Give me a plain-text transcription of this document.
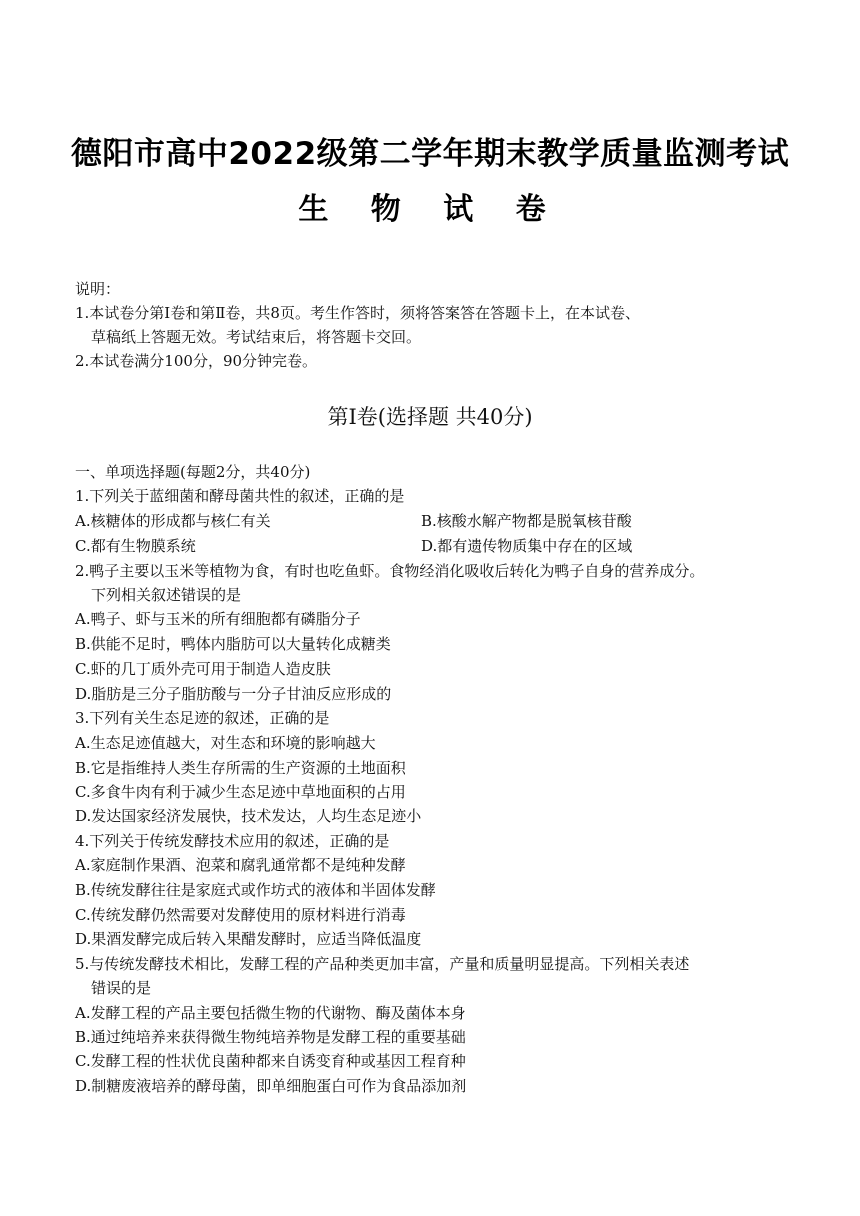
德阳市高中2022级第二学年期末教学质量监测考试
生 物 试 卷
说明：
1.本试卷分第Ⅰ卷和第Ⅱ卷，共8页。考生作答时，须将答案答在答题卡上，在本试卷、
草稿纸上答题无效。考试结束后，将答题卡交回。
2.本试卷满分100分，90分钟完卷。
第Ⅰ卷(选择题 共40分)
一、单项选择题(每题2分，共40分)
1.下列关于蓝细菌和酵母菌共性的叙述，正确的是
A.核糖体的形成都与核仁有关	B.核酸水解产物都是脱氧核苷酸
C.都有生物膜系统	D.都有遗传物质集中存在的区域
2.鸭子主要以玉米等植物为食，有时也吃鱼虾。食物经消化吸收后转化为鸭子自身的营养成分。
下列相关叙述错误的是
A.鸭子、虾与玉米的所有细胞都有磷脂分子
B.供能不足时，鸭体内脂肪可以大量转化成糖类
C.虾的几丁质外壳可用于制造人造皮肤
D.脂肪是三分子脂肪酸与一分子甘油反应形成的
3.下列有关生态足迹的叙述，正确的是
A.生态足迹值越大，对生态和环境的影响越大
B.它是指维持人类生存所需的生产资源的土地面积
C.多食牛肉有利于减少生态足迹中草地面积的占用
D.发达国家经济发展快，技术发达，人均生态足迹小
4.下列关于传统发酵技术应用的叙述，正确的是
A.家庭制作果酒、泡菜和腐乳通常都不是纯种发酵
B.传统发酵往往是家庭式或作坊式的液体和半固体发酵
C.传统发酵仍然需要对发酵使用的原材料进行消毒
D.果酒发酵完成后转入果醋发酵时，应适当降低温度
5.与传统发酵技术相比，发酵工程的产品种类更加丰富，产量和质量明显提高。下列相关表述
错误的是
A.发酵工程的产品主要包括微生物的代谢物、酶及菌体本身
B.通过纯培养来获得微生物纯培养物是发酵工程的重要基础
C.发酵工程的性状优良菌种都来自诱变育种或基因工程育种
D.制糖废液培养的酵母菌，即单细胞蛋白可作为食品添加剂
